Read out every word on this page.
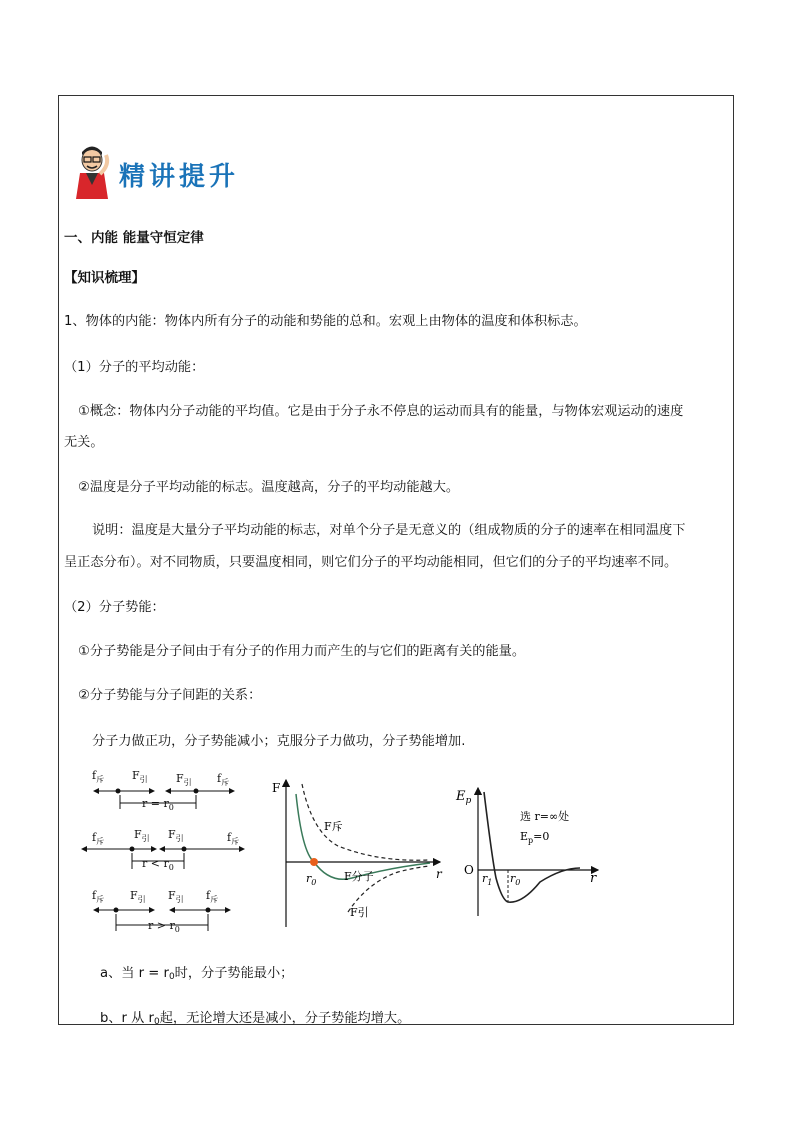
精讲提升
一、内能 能量守恒定律
【知识梳理】
1、物体的内能：物体内所有分子的动能和势能的总和。宏观上由物体的温度和体积标志。
（1）分子的平均动能：
①概念：物体内分子动能的平均值。它是由于分子永不停息的运动而具有的能量，与物体宏观运动的速度
无关。
②温度是分子平均动能的标志。温度越高，分子的平均动能越大。
说明：温度是大量分子平均动能的标志，对单个分子是无意义的（组成物质的分子的速率在相同温度下
呈正态分布）。对不同物质，只要温度相同，则它们分子的平均动能相同，但它们的分子的平均速率不同。
（2）分子势能：
①分子势能是分子间由于有分子的作用力而产生的与它们的距离有关的能量。
②分子势能与分子间距的关系：
分子力做正功，分子势能减小；克服分子力做功，分子势能增加.
$f_斥$	$F_引$	$F_引$ $f_斥$
$r = r_0$
$f_斥$
$F_引$ $F_引$	$f_斥$
$r < r_0$
$f_斥$ $F_引$ $F_引$ $f_斥$
$r > r_0$
F
r
$r_0$
F斥
F分子
F引
$E_p$
r
O
$r_1$ $r_0$
选 r=∞处
$E_p=0$
a、当 $r = r_0$时，分子势能最小；
b、r 从 $r_0$起，无论增大还是减小，分子势能均增大。
